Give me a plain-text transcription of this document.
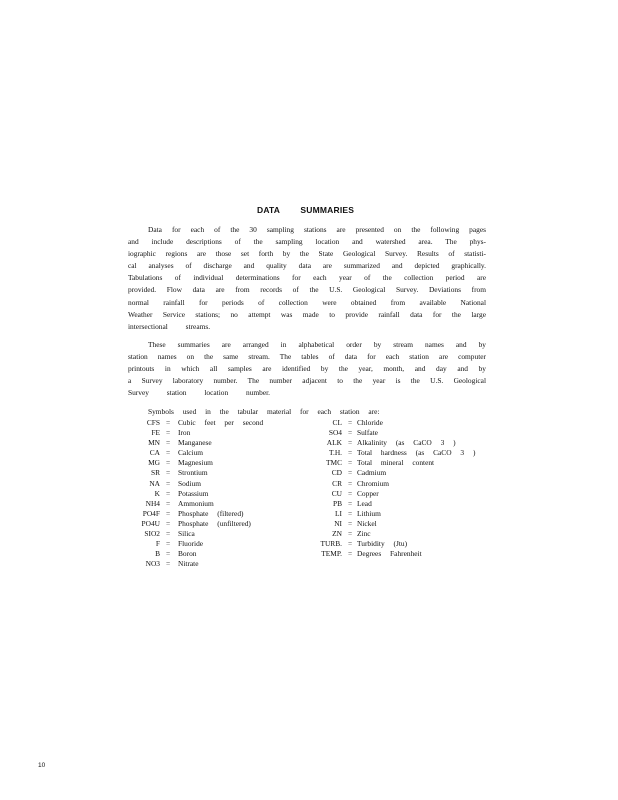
DATA SUMMARIES
Data for each of the 30 sampling stations are presented on the following pages
and include descriptions of the sampling location and watershed area. The phys-
iographic regions are those set forth by the State Geological Survey. Results of statisti-
cal analyses of discharge and quality data are summarized and depicted graphically.
Tabulations of individual determinations for each year of the collection period are
provided. Flow data are from records of the U.S. Geological Survey. Deviations from
normal rainfall for periods of collection were obtained from available National
Weather Service stations; no attempt was made to provide rainfall data for the large
intersectional streams.
These summaries are arranged in alphabetical order by stream names and by
station names on the same stream. The tables of data for each station are computer
printouts in which all samples are identified by the year, month, and day and by
a Survey laboratory number. The number adjacent to the year is the U.S. Geological
Survey station location number.
Symbols used in the tabular material for each station are:
CFS = Cubic feet per second
FE = Iron
MN = Manganese
CA = Calcium
MG = Magnesium
SR = Strontium
NA = Sodium
K = Potassium
NH4 = Ammonium
PO4F = Phosphate (filtered)
PO4U = Phosphate (unfiltered)
SIO2 = Silica
F = Fluoride
B = Boron
NO3 = Nitrate
CL = Chloride
SO4 = Sulfate
ALK = Alkalinity (as CaCO 3 )
T.H. = Total hardness (as CaCO 3 )
TMC = Total mineral content
CD = Cadmium
CR = Chromium
CU = Copper
PB = Lead
LI = Lithium
NI = Nickel
ZN = Zinc
TURB. = Turbidity (Jtu)
TEMP. = Degrees Fahrenheit
10
